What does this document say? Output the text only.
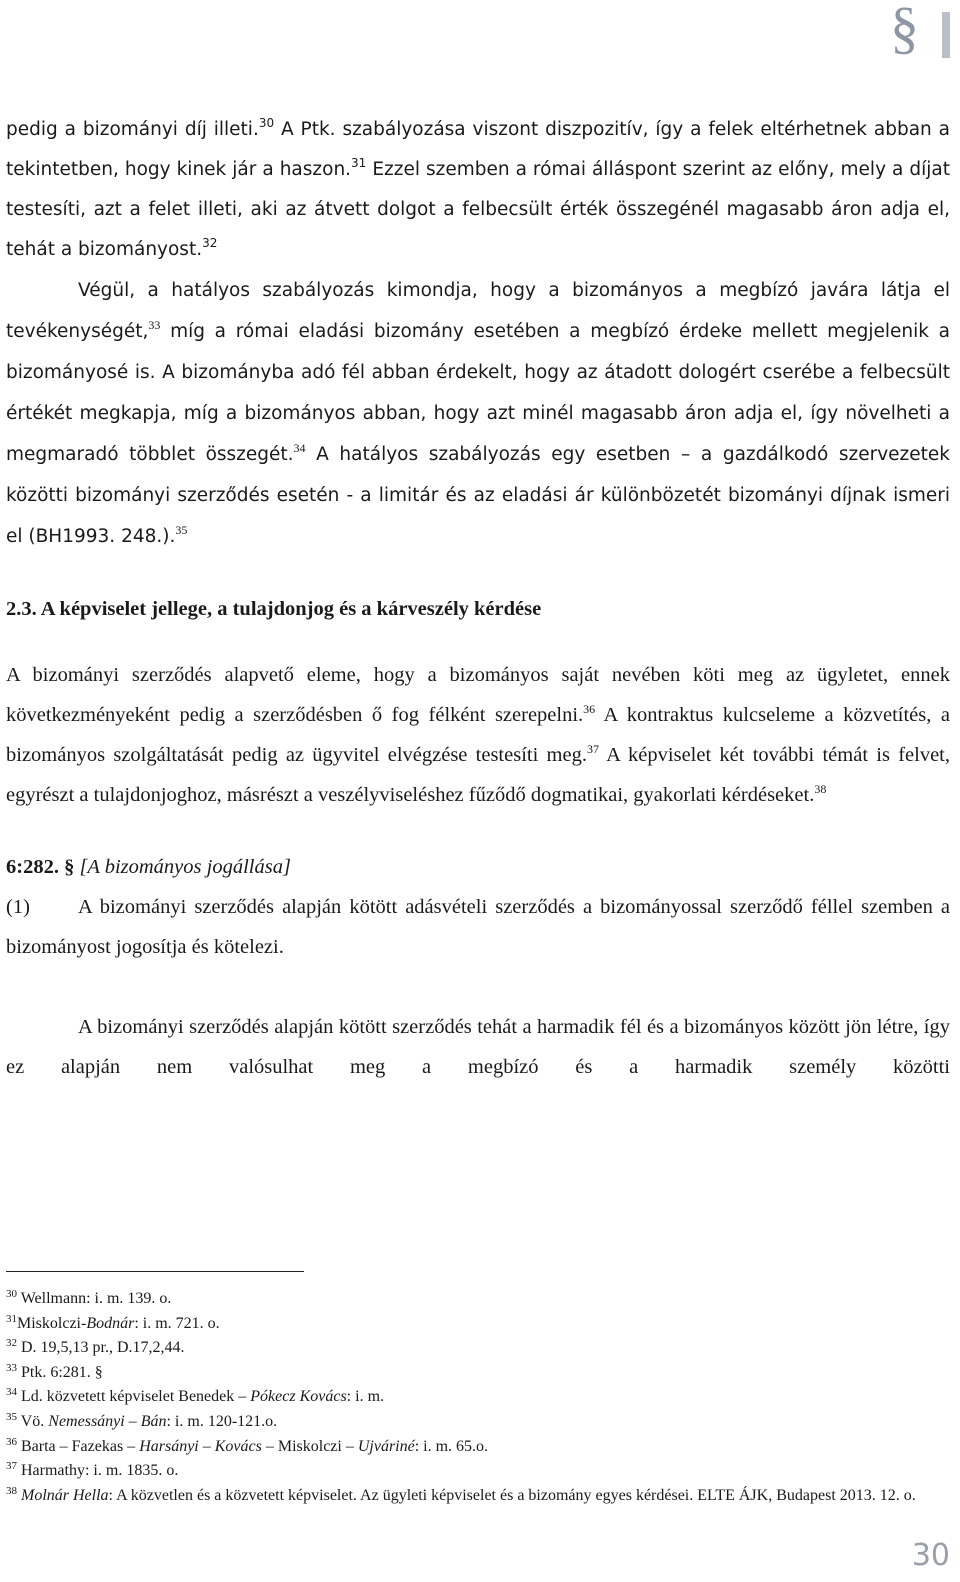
§

pedig a bizományi díj illeti.$^{30}$ A Ptk. szabályozása viszont diszpozitív, így a felek eltérhetnek abban a tekintetben, hogy kinek jár a haszon.$^{31}$ Ezzel szemben a római álláspont szerint az előny, mely a díjat testesíti, azt a felet illeti, aki az átvett dolgot a felbecsült érték összegénél magasabb áron adja el, tehát a bizományost.$^{32}$

Végül, a hatályos szabályozás kimondja, hogy a bizományos a megbízó javára látja el tevékenységét,$^{33}$ míg a római eladási bizomány esetében a megbízó érdeke mellett megjelenik a bizományosé is. A bizományba adó fél abban érdekelt, hogy az átadott dologért cserébe a felbecsült értékét megkapja, míg a bizományos abban, hogy azt minél magasabb áron adja el, így növelheti a megmaradó többlet összegét.$^{34}$ A hatályos szabályozás egy esetben – a gazdálkodó szervezetek közötti bizományi szerződés esetén - a limitár és az eladási ár különbözetét bizományi díjnak ismeri el (BH1993. 248.).$^{35}$

2.3. A képviselet jellege, a tulajdonjog és a kárveszély kérdése

A bizományi szerződés alapvető eleme, hogy a bizományos saját nevében köti meg az ügyletet, ennek következményeként pedig a szerződésben ő fog félként szerepelni.$^{36}$ A kontraktus kulcseleme a közvetítés, a bizományos szolgáltatását pedig az ügyvitel elvégzése testesíti meg.$^{37}$ A képviselet két további témát is felvet, egyrészt a tulajdonjoghoz, másrészt a veszélyviseléshez fűződő dogmatikai, gyakorlati kérdéseket.$^{38}$

6:282. § [A bizományos jogállása]

(1) A bizományi szerződés alapján kötött adásvételi szerződés a bizományossal szerződő féllel szemben a bizományost jogosítja és kötelezi.

A bizományi szerződés alapján kötött szerződés tehát a harmadik fél és a bizományos között jön létre, így ez alapján nem valósulhat meg a megbízó és a harmadik személy közötti

$^{30}$ Wellmann: i. m. 139. o.
$^{31}$Miskolczi-Bodnár: i. m. 721. o.
$^{32}$ D. 19,5,13 pr., D.17,2,44.
$^{33}$ Ptk. 6:281. §
$^{34}$ Ld. közvetett képviselet Benedek – Pókecz Kovács: i. m.
$^{35}$ Vö. Nemessányi – Bán: i. m. 120-121.o.
$^{36}$ Barta – Fazekas – Harsányi – Kovács – Miskolczi – Ujváriné: i. m. 65.o.
$^{37}$ Harmathy: i. m. 1835. o.
$^{38}$ Molnár Hella: A közvetlen és a közvetett képviselet. Az ügyleti képviselet és a bizomány egyes kérdései. ELTE ÁJK, Budapest 2013. 12. o.
30
